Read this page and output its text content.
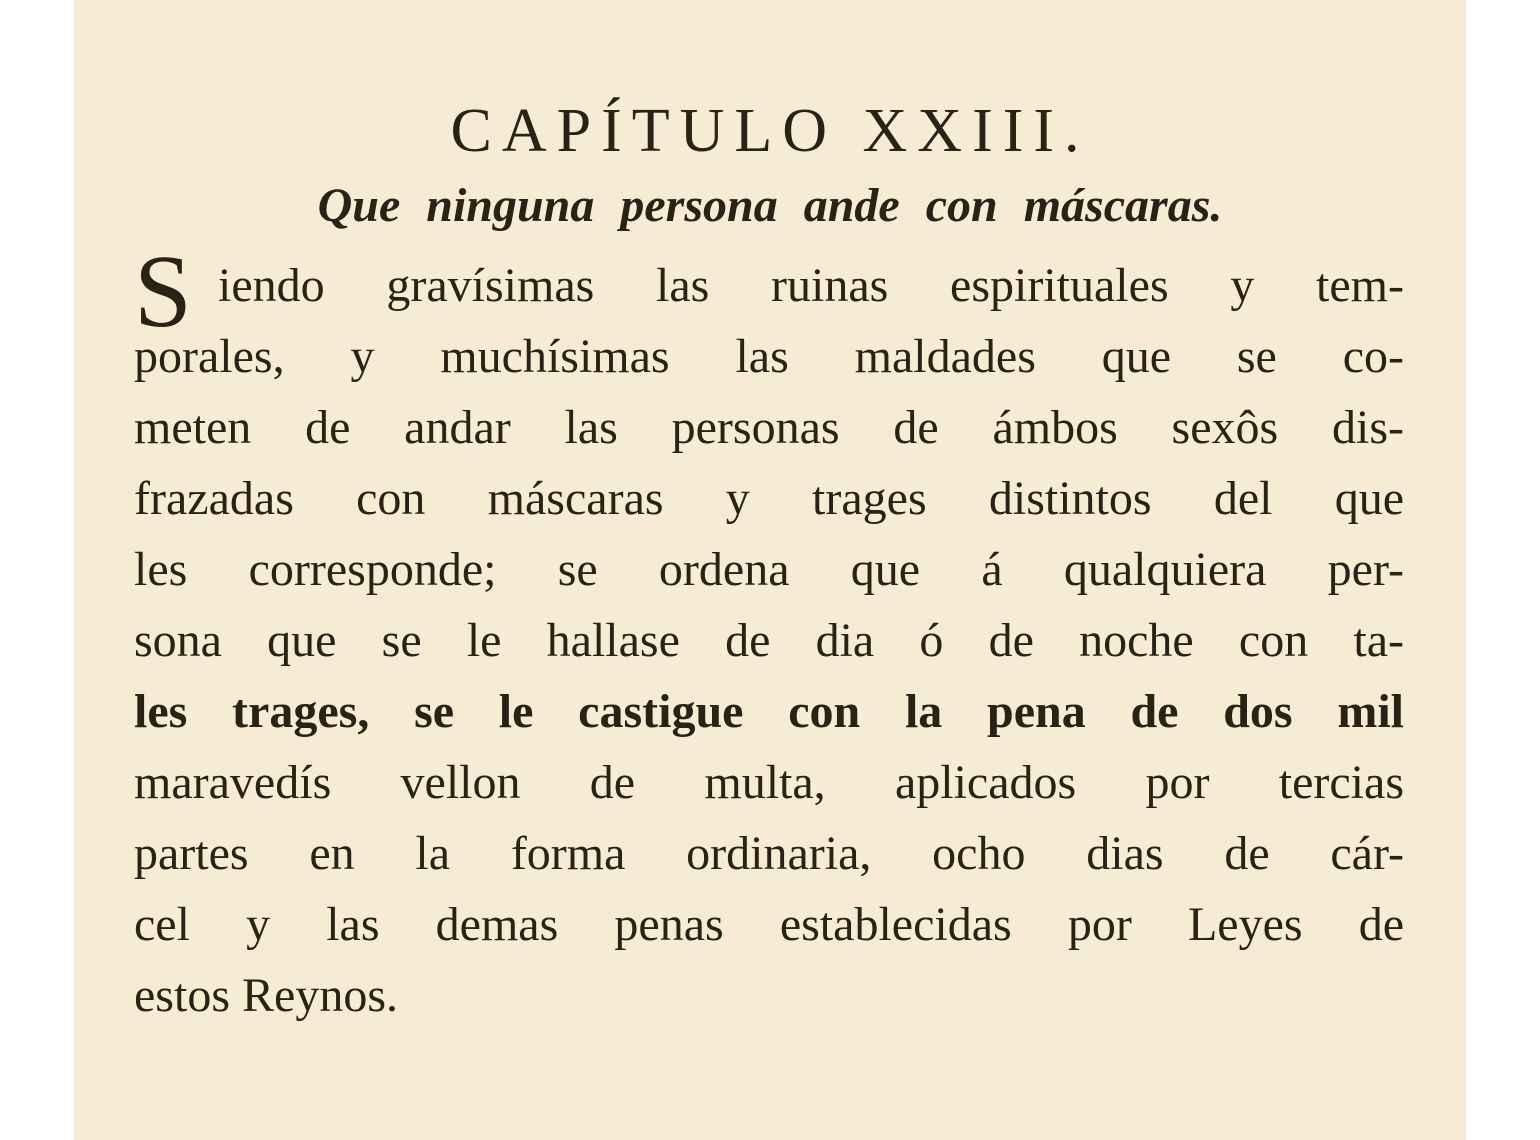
CAPÍTULO XXIII.
Que ninguna persona ande con máscaras.
S iendo gravísimas las ruinas espirituales y tem-
porales, y muchísimas las maldades que se co-
meten de andar las personas de ámbos sexôs dis-
frazadas con máscaras y trages distintos del que
les corresponde; se ordena que á qualquiera per-
sona que se le hallase de dia ó de noche con ta-
les trages, se le castigue con la pena de dos mil
maravedís vellon de multa, aplicados por tercias
partes en la forma ordinaria, ocho dias de cár-
cel y las demas penas establecidas por Leyes de
estos Reynos.
